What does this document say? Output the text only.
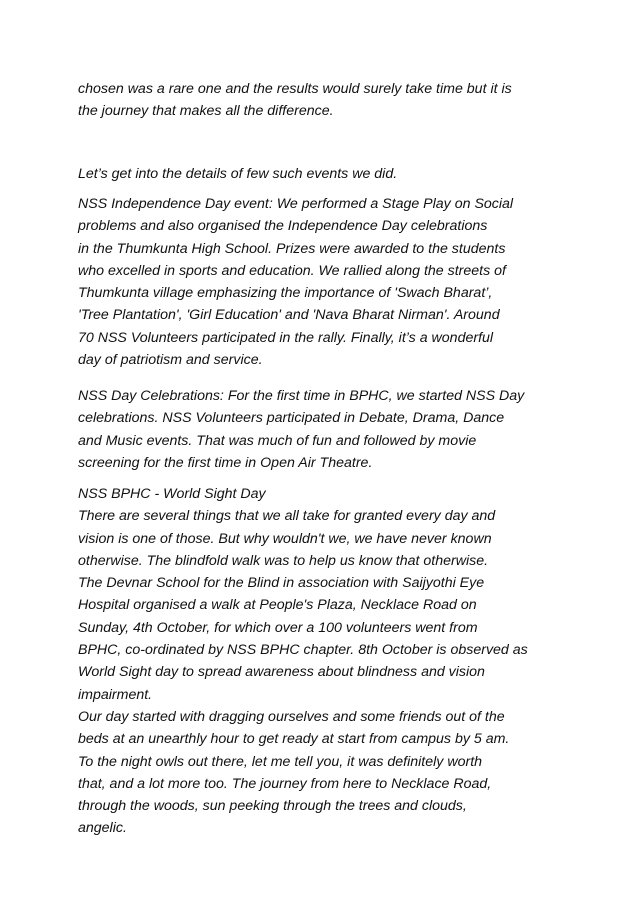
chosen was a rare one and the results would surely take time but it is
the journey that makes all the difference.

Let’s get into the details of few such events we did.

NSS Independence Day event: We performed a Stage Play on Social
problems and also organised the Independence Day celebrations
in the Thumkunta High School. Prizes were awarded to the students
who excelled in sports and education. We rallied along the streets of
Thumkunta village emphasizing the importance of 'Swach Bharat’,
'Tree Plantation', 'Girl Education' and 'Nava Bharat Nirman'. Around
70 NSS Volunteers participated in the rally. Finally, it’s a wonderful
day of patriotism and service.

NSS Day Celebrations: For the first time in BPHC, we started NSS Day
celebrations. NSS Volunteers participated in Debate, Drama, Dance
and Music events. That was much of fun and followed by movie
screening for the first time in Open Air Theatre.

NSS BPHC - World Sight Day
There are several things that we all take for granted every day and
vision is one of those. But why wouldn't we, we have never known
otherwise. The blindfold walk was to help us know that otherwise.
The Devnar School for the Blind in association with Saijyothi Eye
Hospital organised a walk at People's Plaza, Necklace Road on
Sunday, 4th October, for which over a 100 volunteers went from
BPHC, co-ordinated by NSS BPHC chapter. 8th October is observed as
World Sight day to spread awareness about blindness and vision
impairment.
Our day started with dragging ourselves and some friends out of the
beds at an unearthly hour to get ready at start from campus by 5 am.
To the night owls out there, let me tell you, it was definitely worth
that, and a lot more too. The journey from here to Necklace Road,
through the woods, sun peeking through the trees and clouds,
angelic.
